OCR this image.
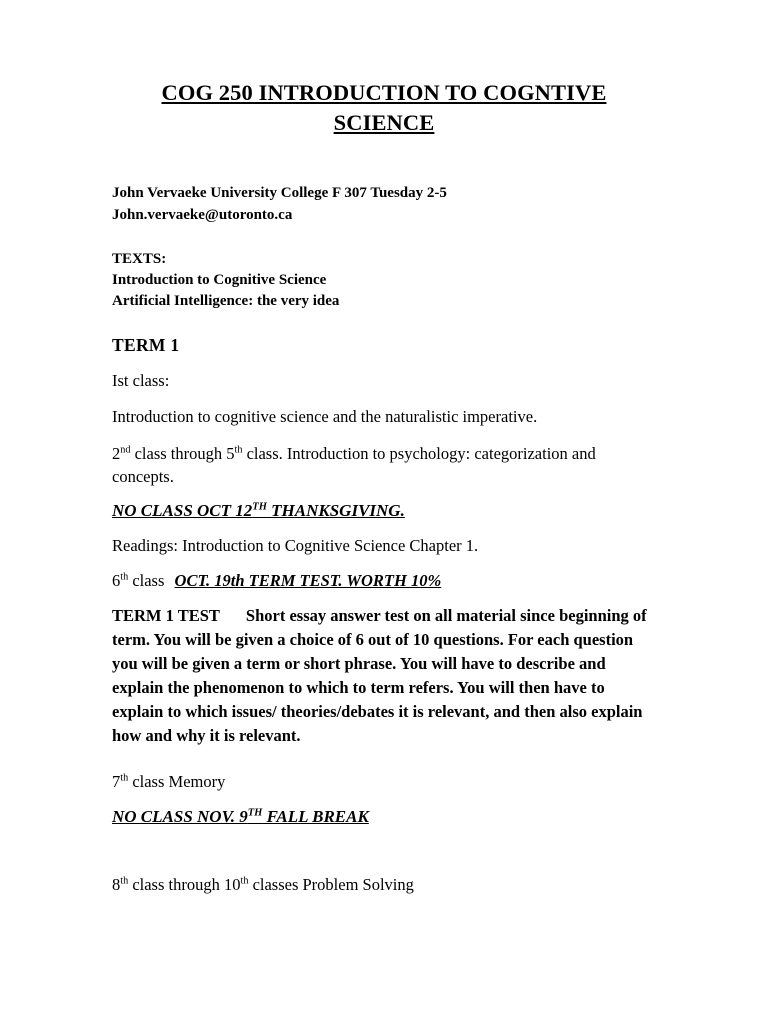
COG 250 INTRODUCTION TO COGNTIVE
SCIENCE

John Vervaeke University College F 307 Tuesday 2-5

John.vervaeke@utoronto.ca

TEXTS:

Introduction to Cognitive Science

Artificial Intelligence: the very idea

TERM 1

Ist class:

Introduction to cognitive science and the naturalistic imperative.

2nd class through 5th class. Introduction to psychology: categorization and concepts.

NO CLASS OCT 12TH THANKSGIVING.

Readings: Introduction to Cognitive Science Chapter 1.

6th class OCT. 19th TERM TEST. WORTH 10%

TERM 1 TEST Short essay answer test on all material since beginning of term. You will be given a choice of 6 out of 10 questions. For each question you will be given a term or short phrase. You will have to describe and explain the phenomenon to which to term refers. You will then have to explain to which issues/ theories/debates it is relevant, and then also explain how and why it is relevant.

7th class Memory

NO CLASS NOV. 9TH FALL BREAK

8th class through 10th classes Problem Solving
